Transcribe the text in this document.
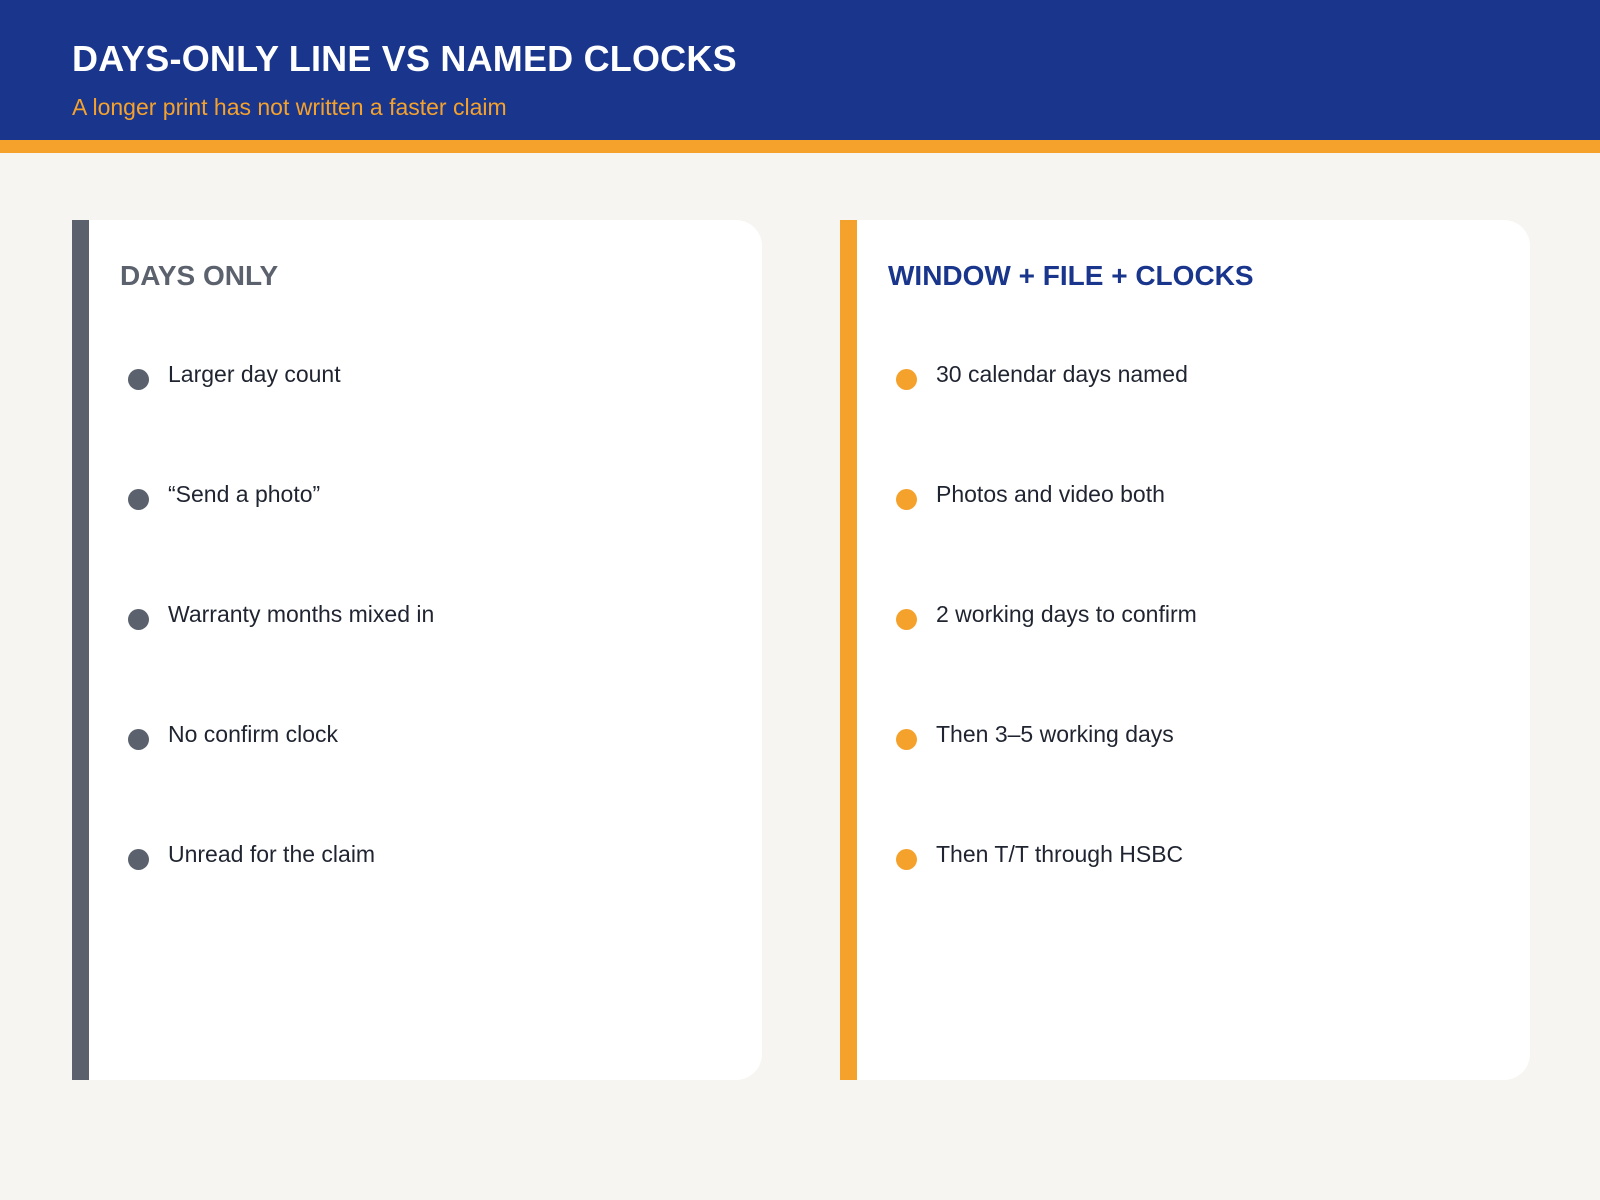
DAYS-ONLY LINE VS NAMED CLOCKS
A longer print has not written a faster claim
DAYS ONLY
Larger day count
“Send a photo”
Warranty months mixed in
No confirm clock
Unread for the claim
WINDOW + FILE + CLOCKS
30 calendar days named
Photos and video both
2 working days to confirm
Then 3–5 working days
Then T/T through HSBC
